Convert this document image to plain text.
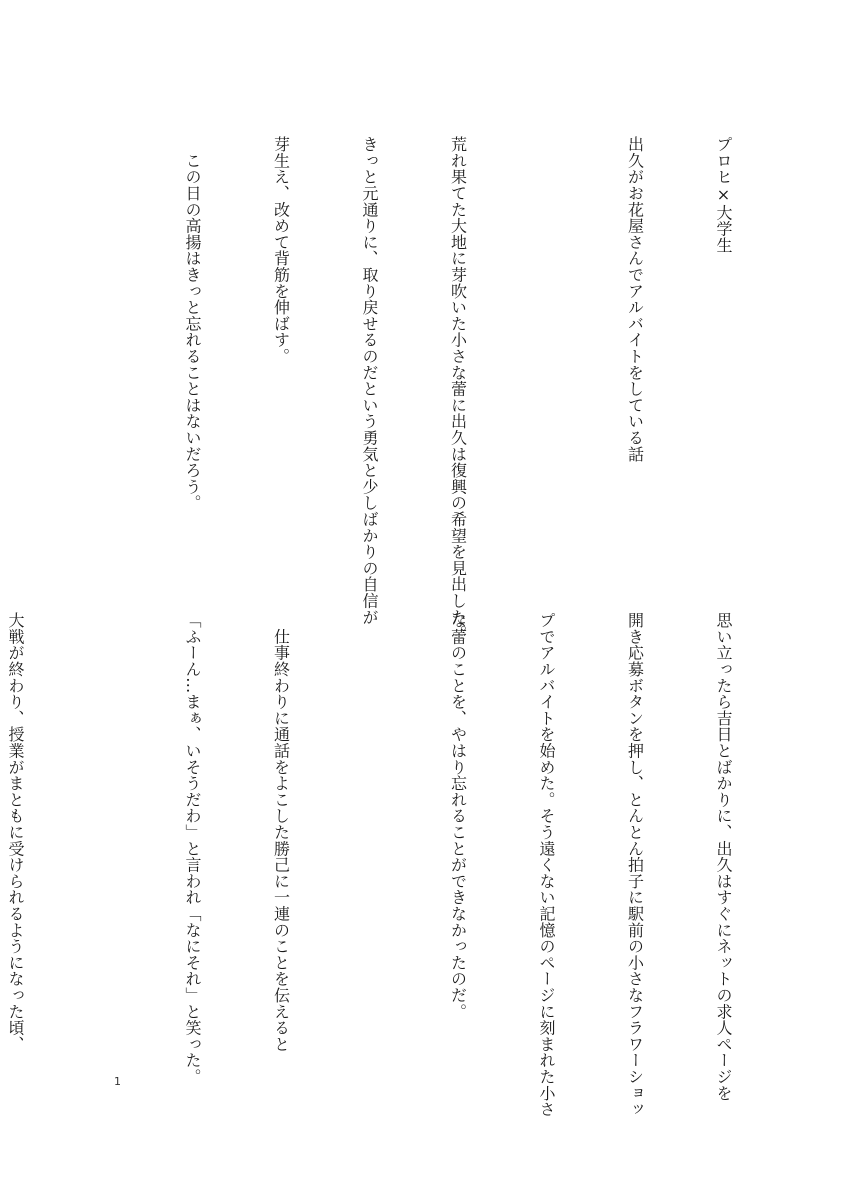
プロヒ×大学生

出久がお花屋さんでアルバイトをしている話

荒れ果てた大地に芽吹いた小さな蕾に出久は復興の希望を見出した。

きっと元通りに、取り戻せるのだという勇気と少しばかりの自信が

芽生え、改めて背筋を伸ばす。

　この日の高揚はきっと忘れることはないだろう。

思い立ったら吉日とばかりに、出久はすぐにネットの求人ページを

開き応募ボタンを押し、とんとん拍子に駅前の小さなフラワーショッ

プでアルバイトを始めた。そう遠くない記憶のページに刻まれた小さ

な蕾のことを、やはり忘れることができなかったのだ。

　仕事終わりに通話をよこした勝己に一連のことを伝えると

「ふーん…まぁ、いそうだわ」と言われ「なにそれ」と笑った。

大戦が終わり、授業がまともに受けられるようになった頃、

1
